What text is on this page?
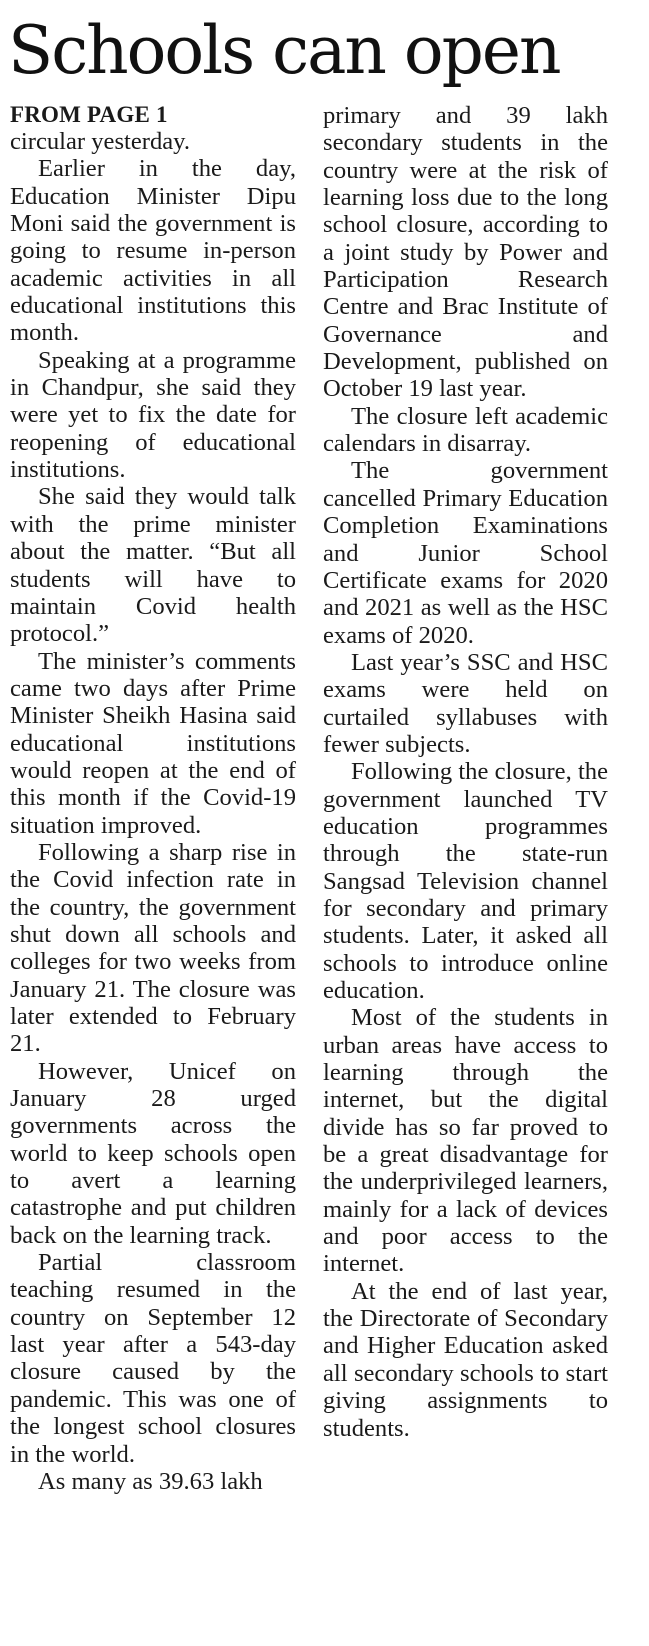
Schools can open
FROM PAGE 1

circular yesterday.

Earlier in the day, Education Minister Dipu Moni said the government is going to resume in-person academic activities in all educational institutions this month.

Speaking at a programme in Chandpur, she said they were yet to fix the date for reopening of educational institutions.

She said they would talk with the prime minister about the matter. “But all students will have to maintain Covid health protocol.”

The minister’s comments came two days after Prime Minister Sheikh Hasina said educational institutions would reopen at the end of this month if the Covid-19 situation improved.

Following a sharp rise in the Covid infection rate in the country, the government shut down all schools and colleges for two weeks from January 21. The closure was later extended to February 21.

However, Unicef on January 28 urged governments across the world to keep schools open to avert a learning catastrophe and put children back on the learning track.

Partial classroom teaching resumed in the country on September 12 last year after a 543-day closure caused by the pandemic. This was one of the longest school closures in the world.

As many as 39.63 lakh

primary and 39 lakh secondary students in the country were at the risk of learning loss due to the long school closure, according to a joint study by Power and Participation Research Centre and Brac Institute of Governance and Development, published on October 19 last year.

The closure left academic calendars in disarray.

The government cancelled Primary Education Completion Examinations and Junior School Certificate exams for 2020 and 2021 as well as the HSC exams of 2020.

Last year’s SSC and HSC exams were held on curtailed syllabuses with fewer subjects.

Following the closure, the government launched TV education programmes through the state-run Sangsad Television channel for secondary and primary students. Later, it asked all schools to introduce online education.

Most of the students in urban areas have access to learning through the internet, but the digital divide has so far proved to be a great disadvantage for the underprivileged learners, mainly for a lack of devices and poor access to the internet.

At the end of last year, the Directorate of Secondary and Higher Education asked all secondary schools to start giving assignments to students.
